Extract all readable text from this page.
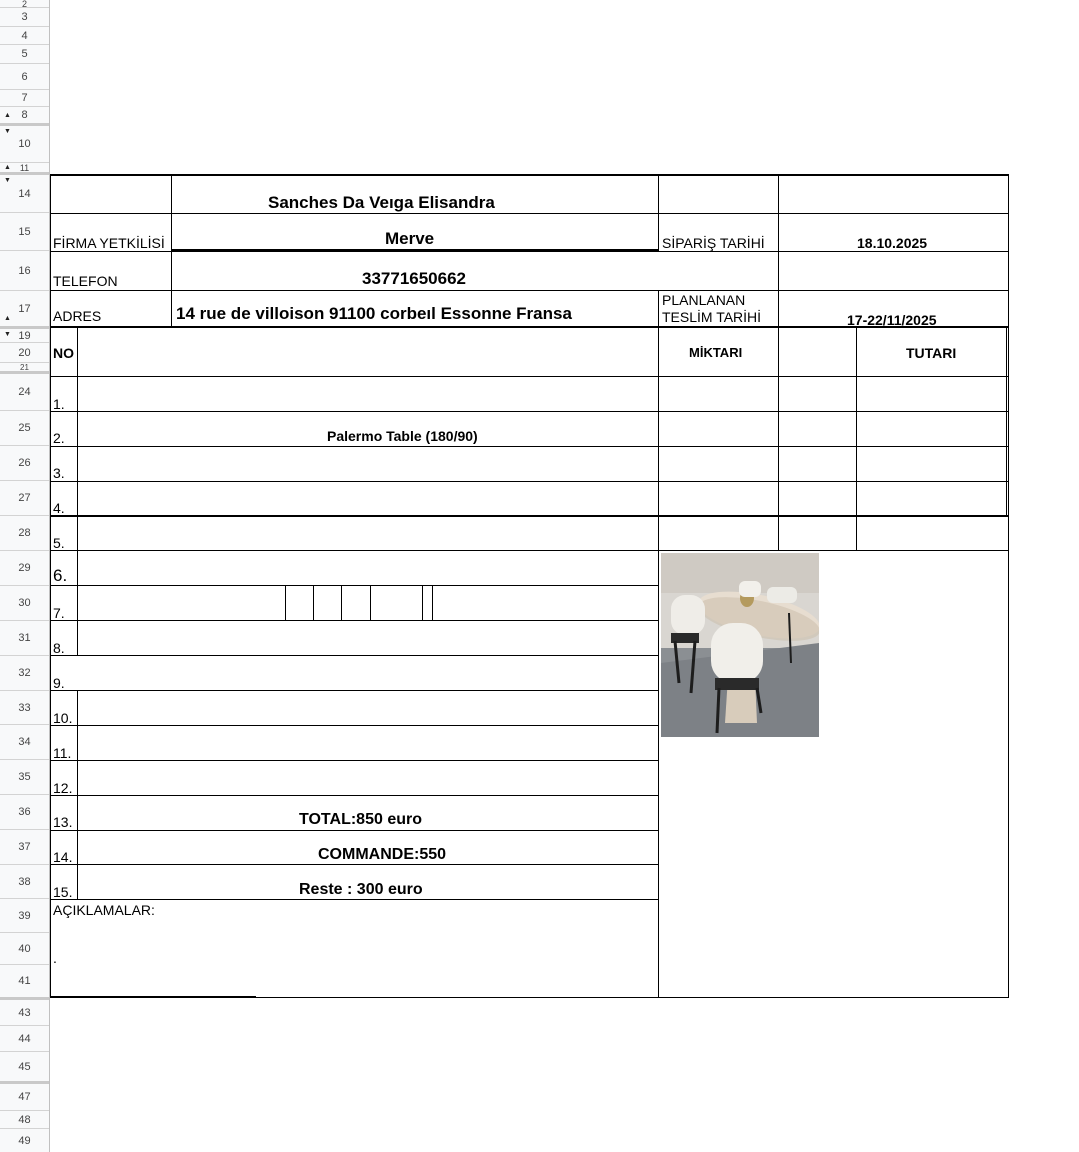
2
3
4
5
6
7
▲ 8
▼
10
▲ 11
▼
14
15
16
▲
17
▼ 19
20
21
24
25
26
27
28
29
30
31
32
33
34
35
36
37
38
39
40
41
43
44
45
47
48
49
Sanches Da Veıga Elisandra
FİRMA YETKİLİSİ	Merve	SİPARİŞ TARİHİ	18.10.2025
TELEFON	33771650662
ADRES	14 rue de villoison 91100 corbeıl Essonne Fransa
PLANLANAN
TESLİM TARİHİ	17-22/11/2025
NO	MİKTARI	TUTARI
1.
2.	Palermo Table (180/90)
3.
4.
5.
6.
7.
8.
9.
10.
11.
12.
13.	TOTAL:850 euro
14.	COMMANDE:550
15.	Reste : 300 euro
AÇIKLAMALAR:
.
